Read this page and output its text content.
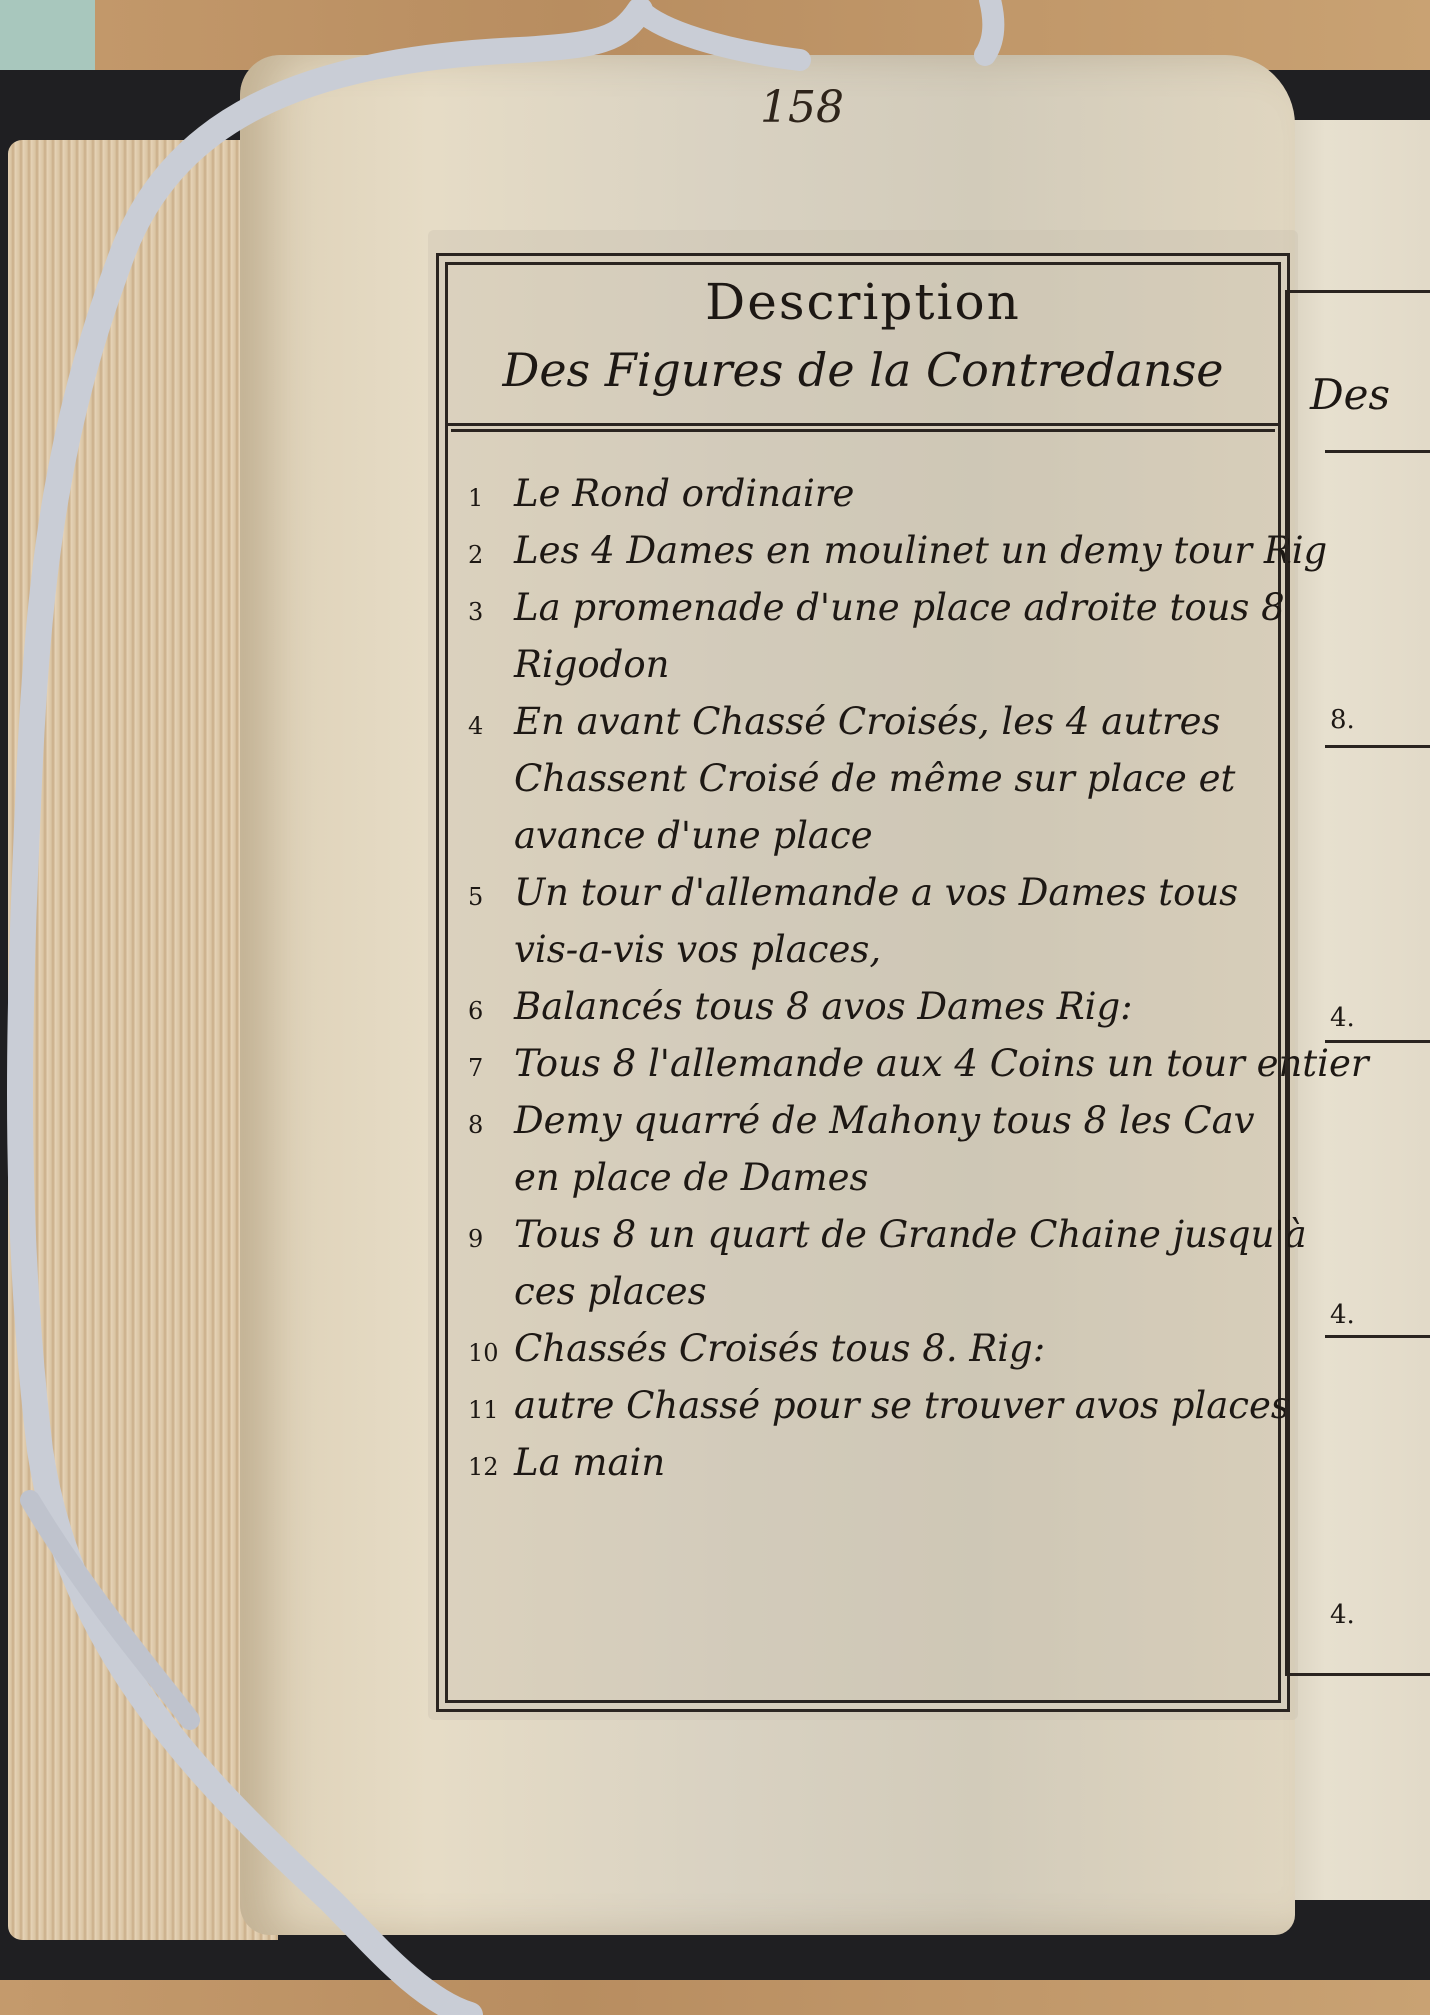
158
Description
Des Figures de la Contredanse
1 Le Rond ordinaire
2 Les 4 Dames en moulinet un demy tour Rig
3 La promenade d'une place adroite tous 8
Rigodon
4 En avant Chassé Croisés, les 4 autres
Chassent Croisé de même sur place et
avance d'une place
5 Un tour d'allemande a vos Dames tous
vis-a-vis vos places,
6 Balancés tous 8 avos Dames Rig:
7 Tous 8 l'allemande aux 4 Coins un tour entier
8 Demy quarré de Mahony tous 8 les Cav
en place de Dames
9 Tous 8 un quart de Grande Chaine jusqu'à
ces places
10 Chassés Croisés tous 8. Rig:
11 autre Chassé pour se trouver avos places
12 La main
Des
8.
4.
4.
4.
